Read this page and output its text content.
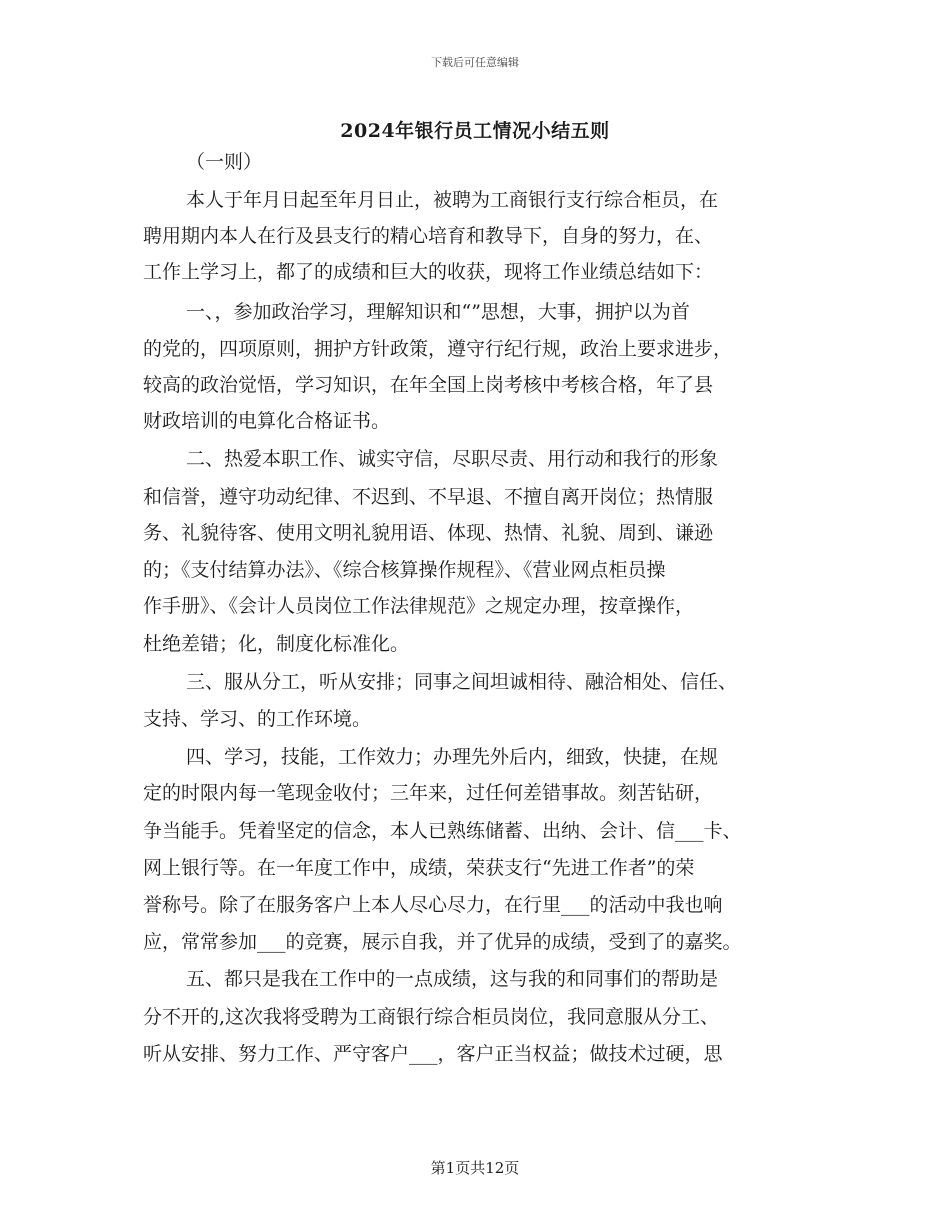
下载后可任意编辑
2024年银行员工情况小结五则
（一则）
本人于年月日起至年月日止，被聘为工商银行支行综合柜员，在
聘用期内本人在行及县支行的精心培育和教导下，自身的努力，在、
工作上学习上，都了的成绩和巨大的收获，现将工作业绩总结如下：
一、，参加政治学习，理解知识和“”思想，大事，拥护以为首
的党的，四项原则，拥护方针政策，遵守行纪行规，政治上要求进步，
较高的政治觉悟，学习知识，在年全国上岗考核中考核合格，年了县
财政培训的电算化合格证书。
二、热爱本职工作、诚实守信，尽职尽责、用行动和我行的形象
和信誉，遵守功动纪律、不迟到、不早退、不擅自离开岗位；热情服
务、礼貌待客、使用文明礼貌用语、体现、热情、礼貌、周到、谦逊
的；《支付结算办法》、《综合核算操作规程》、《营业网点柜员操
作手册》、《会计人员岗位工作法律规范》之规定办理，按章操作，
杜绝差错；化，制度化标准化。
三、服从分工，听从安排；同事之间坦诚相待、融洽相处、信任、
支持、学习、的工作环境。
四、学习，技能，工作效力；办理先外后内，细致，快捷，在规
定的时限内每一笔现金收付；三年来，过任何差错事故。刻苦钻研，
争当能手。凭着坚定的信念，本人已熟练储蓄、出纳、会计、信___卡、
网上银行等。在一年度工作中，成绩，荣获支行“先进工作者”的荣
誉称号。除了在服务客户上本人尽心尽力，在行里___的活动中我也响
应，常常参加___的竞赛，展示自我，并了优异的成绩，受到了的嘉奖。
五、都只是我在工作中的一点成绩，这与我的和同事们的帮助是
分不开的,这次我将受聘为工商银行综合柜员岗位，我同意服从分工、
听从安排、努力工作、严守客户___，客户正当权益；做技术过硬，思
第1页共12页
